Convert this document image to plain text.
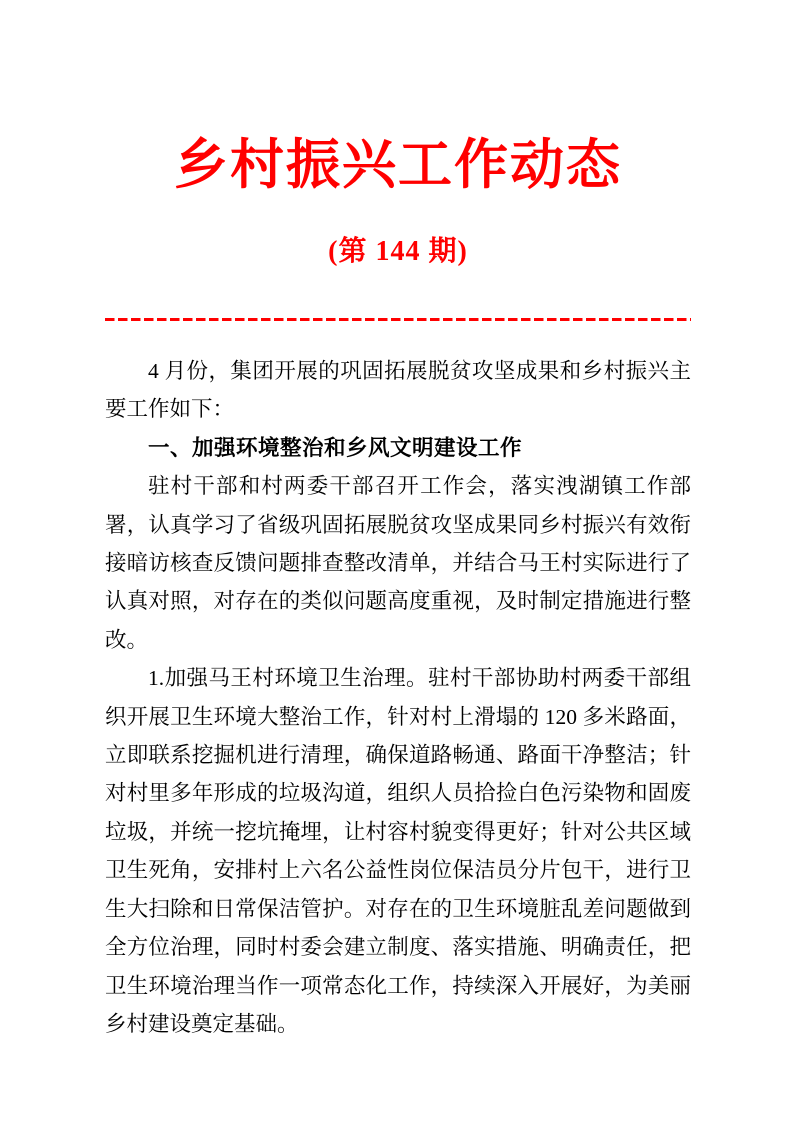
乡村振兴工作动态
(第 144 期)

4 月份，集团开展的巩固拓展脱贫攻坚成果和乡村振兴主要工作如下：

一、加强环境整治和乡风文明建设工作

驻村干部和村两委干部召开工作会，落实洩湖镇工作部署，认真学习了省级巩固拓展脱贫攻坚成果同乡村振兴有效衔接暗访核查反馈问题排查整改清单，并结合马王村实际进行了认真对照，对存在的类似问题高度重视，及时制定措施进行整改。

1.加强马王村环境卫生治理。驻村干部协助村两委干部组织开展卫生环境大整治工作，针对村上滑塌的 120 多米路面，立即联系挖掘机进行清理，确保道路畅通、路面干净整洁；针对村里多年形成的垃圾沟道，组织人员拾捡白色污染物和固废垃圾，并统一挖坑掩埋，让村容村貌变得更好；针对公共区域卫生死角，安排村上六名公益性岗位保洁员分片包干，进行卫生大扫除和日常保洁管护。对存在的卫生环境脏乱差问题做到全方位治理，同时村委会建立制度、落实措施、明确责任，把卫生环境治理当作一项常态化工作，持续深入开展好，为美丽乡村建设奠定基础。
